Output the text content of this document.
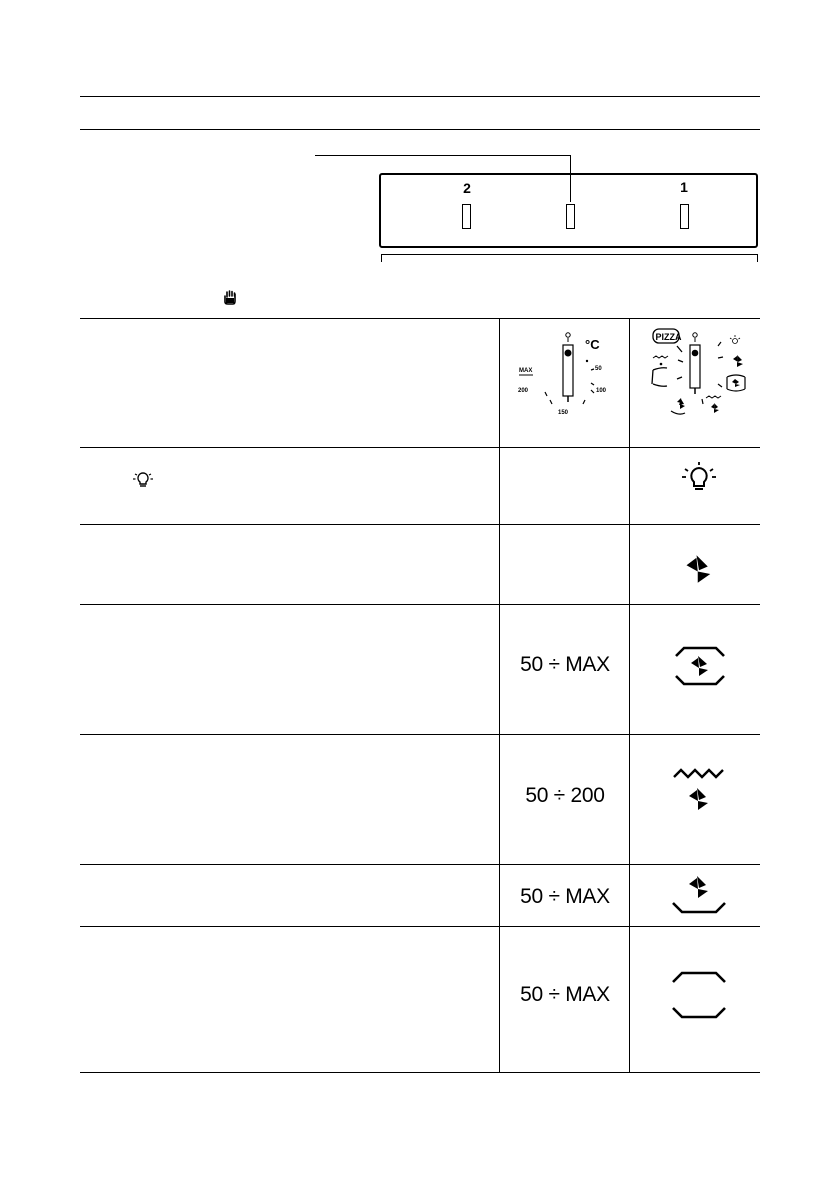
2	1
50 ÷ MAX
50 ÷ 200
50 ÷ MAX
50 ÷ MAX
°C
MAX
200
150
100
50
PIZZA
